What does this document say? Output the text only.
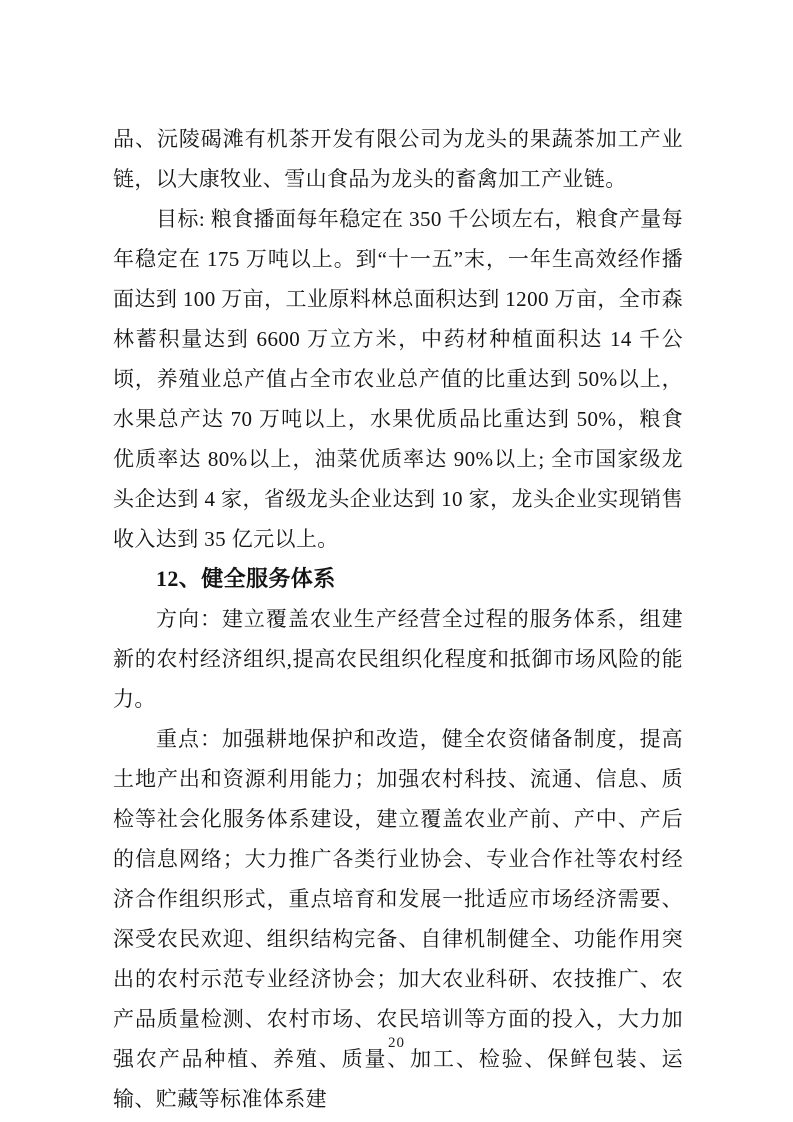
品、沅陵碣滩有机茶开发有限公司为龙头的果蔬茶加工产业链，以大康牧业、雪山食品为龙头的畜禽加工产业链。

目标: 粮食播面每年稳定在 350 千公顷左右，粮食产量每年稳定在 175 万吨以上。到“十一五”末，一年生高效经作播面达到 100 万亩，工业原料林总面积达到 1200 万亩，全市森林蓄积量达到 6600 万立方米，中药材种植面积达 14 千公顷，养殖业总产值占全市农业总产值的比重达到 50%以上，水果总产达 70 万吨以上，水果优质品比重达到 50%，粮食优质率达 80%以上，油菜优质率达 90%以上; 全市国家级龙头企达到 4 家，省级龙头企业达到 10 家，龙头企业实现销售收入达到 35 亿元以上。

12、健全服务体系

方向：建立覆盖农业生产经营全过程的服务体系，组建新的农村经济组织,提高农民组织化程度和抵御市场风险的能力。

重点：加强耕地保护和改造，健全农资储备制度，提高土地产出和资源利用能力；加强农村科技、流通、信息、质检等社会化服务体系建设，建立覆盖农业产前、产中、产后的信息网络；大力推广各类行业协会、专业合作社等农村经济合作组织形式，重点培育和发展一批适应市场经济需要、深受农民欢迎、组织结构完备、自律机制健全、功能作用突出的农村示范专业经济协会；加大农业科研、农技推广、农产品质量检测、农村市场、农民培训等方面的投入，大力加强农产品种植、养殖、质量、加工、检验、保鲜包装、运输、贮藏等标准体系建

20
